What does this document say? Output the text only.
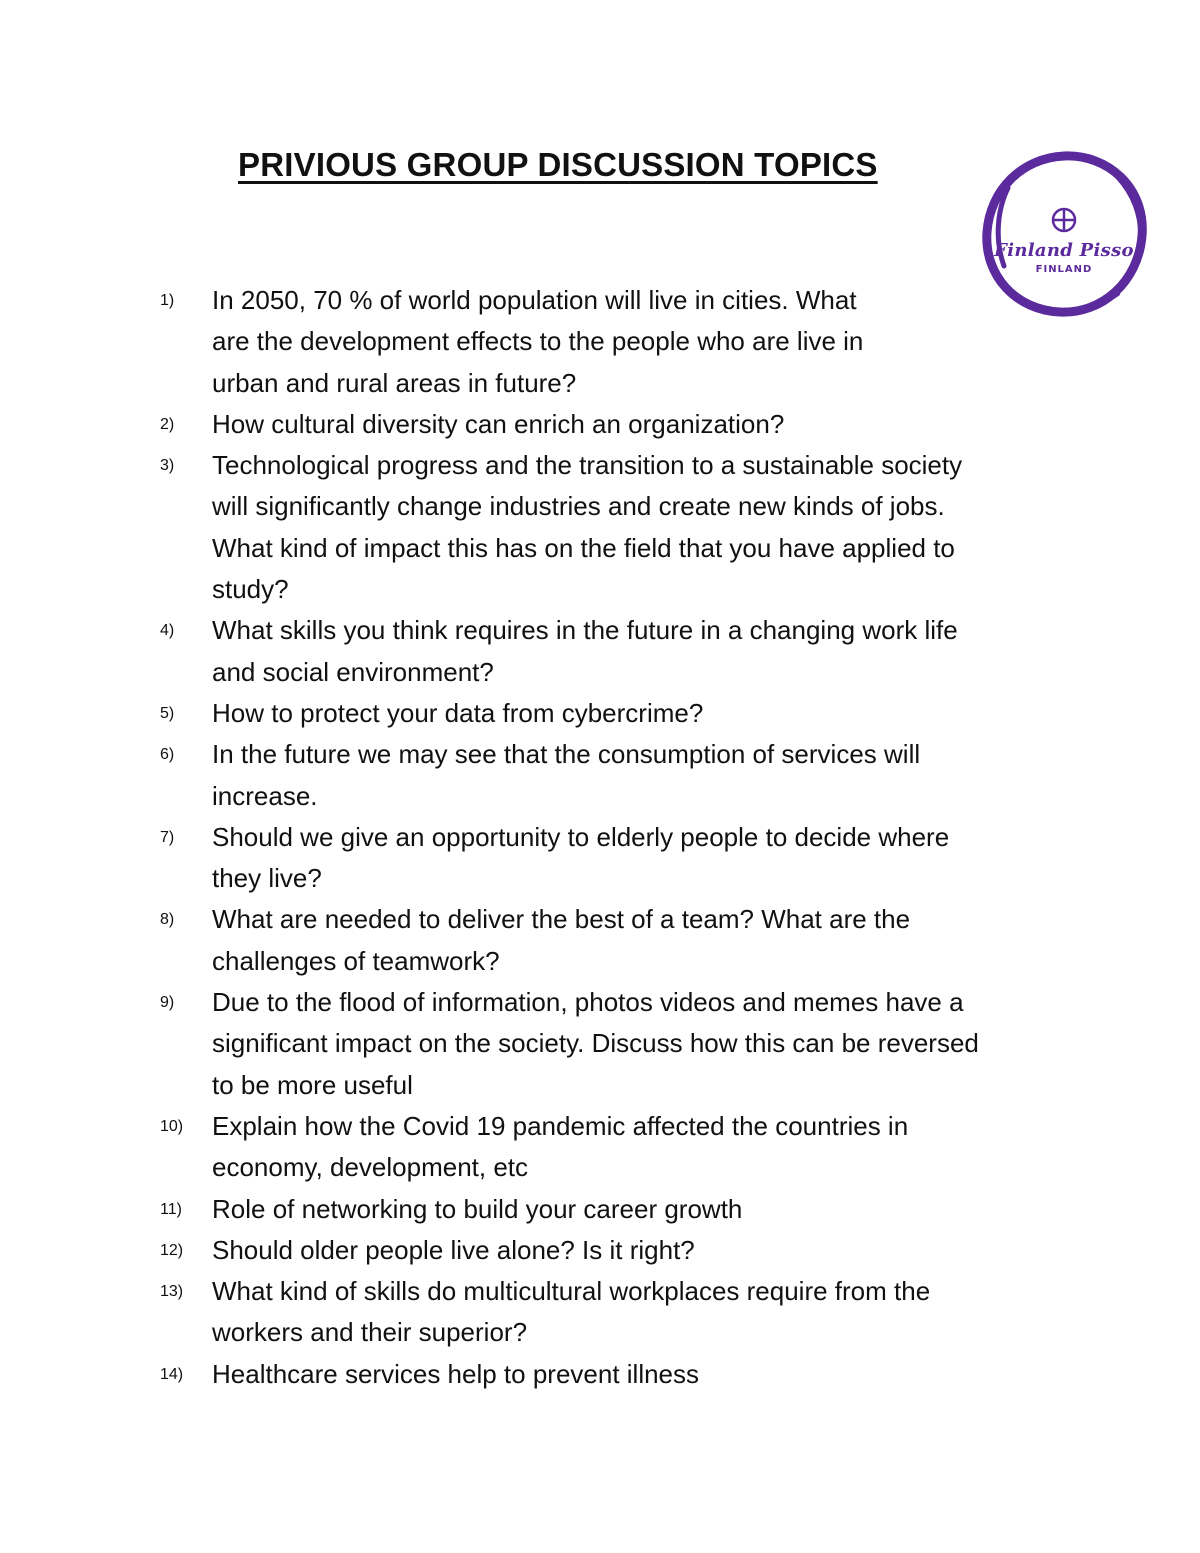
PRIVIOUS GROUP DISCUSSION TOPICS
Finland Pisso
FINLAND
1) In 2050, 70 % of world population will live in cities. What
are the development effects to the people who are live in
urban and rural areas in future?
2) How cultural diversity can enrich an organization?
3) Technological progress and the transition to a sustainable society
will significantly change industries and create new kinds of jobs.
What kind of impact this has on the field that you have applied to
study?
4) What skills you think requires in the future in a changing work life
and social environment?
5) How to protect your data from cybercrime?
6) In the future we may see that the consumption of services will
increase.
7) Should we give an opportunity to elderly people to decide where
they live?
8) What are needed to deliver the best of a team? What are the
challenges of teamwork?
9) Due to the flood of information, photos videos and memes have a
significant impact on the society. Discuss how this can be reversed
to be more useful
10) Explain how the Covid 19 pandemic affected the countries in
economy, development, etc
11) Role of networking to build your career growth
12) Should older people live alone? Is it right?
13) What kind of skills do multicultural workplaces require from the
workers and their superior?
14) Healthcare services help to prevent illness
